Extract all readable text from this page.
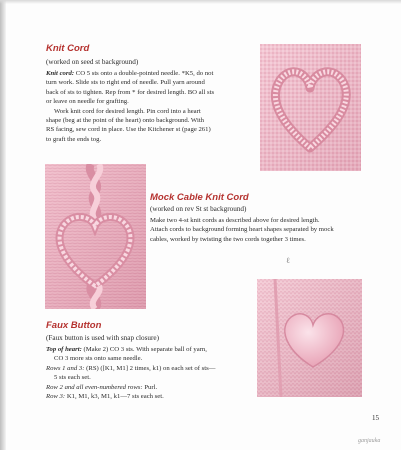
Knit Cord

(worked on seed st background)

Knit cord: CO 5 sts onto a double-pointed needle. *K5, do not
turn work. Slide sts to right end of needle. Pull yarn around
back of sts to tighten. Rep from * for desired length. BO all sts
or leave on needle for grafting.
Work knit cord for desired length. Pin cord into a heart
shape (beg at the point of the heart) onto background. With
RS facing, sew cord in place. Use the Kitchener st (page 261)
to graft the ends tog.
Mock Cable Knit Cord

(worked on rev St st background)

Make two 4-st knit cords as described above for desired length.
Attach cords to background forming heart shapes separated by mock
cables, worked by twisting the two cords together 3 times.
ℓ
Faux Button

(Faux button is used with snap closure)

Top of heart: (Make 2) CO 3 sts. With separate ball of yarn,
CO 3 more sts onto same needle.
Rows 1 and 3: (RS) ([K1, M1] 2 times, k1) on each set of sts—
5 sts each set.
Row 2 and all even-numbered rows: Purl.
Row 3: K1, M1, k3, M1, k1—7 sts each set.
15
ganjauka
